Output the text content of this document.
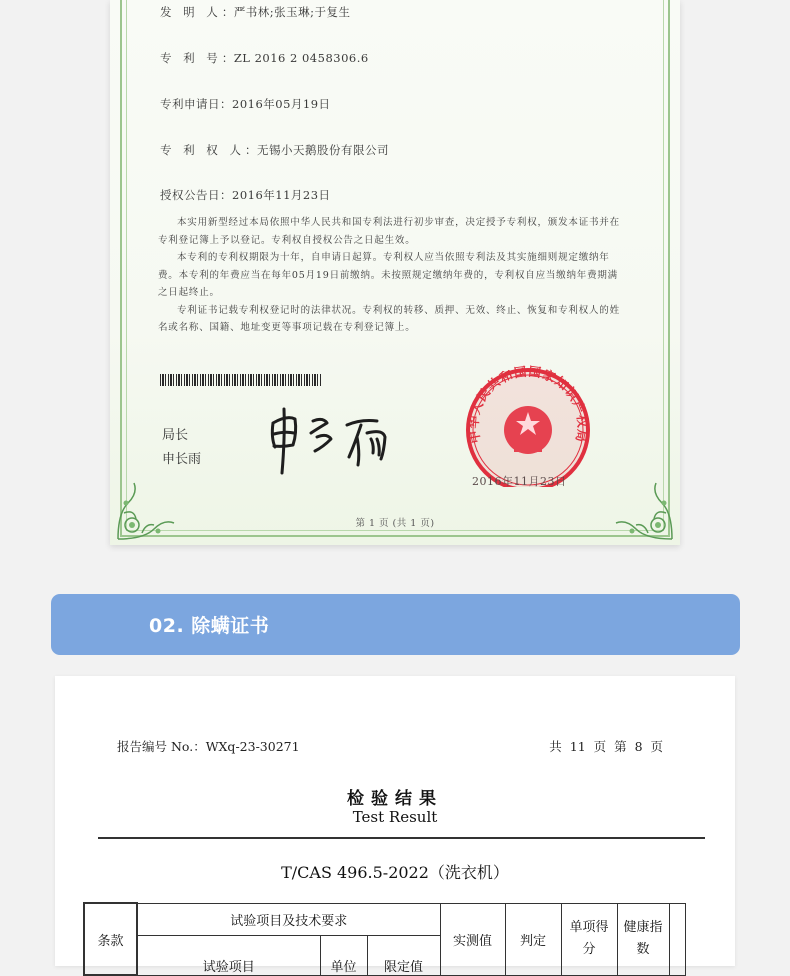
发 明 人：严书林;张玉琳;于复生
专 利 号：ZL 2016 2 0458306.6
专利申请日：2016年05月19日
专 利 权 人：无锡小天鹅股份有限公司
授权公告日：2016年11月23日

本实用新型经过本局依照中华人民共和国专利法进行初步审查，决定授予专利权，颁发本证书并在专利登记簿上予以登记。专利权自授权公告之日起生效。

本专利的专利权期限为十年，自申请日起算。专利权人应当依照专利法及其实施细则规定缴纳年费。本专利的年费应当在每年05月19日前缴纳。未按照规定缴纳年费的，专利权自应当缴纳年费期满之日起终止。

专利证书记载专利权登记时的法律状况。专利权的转移、质押、无效、终止、恢复和专利权人的姓名或名称、国籍、地址变更等事项记载在专利登记簿上。

局长
申长雨
中华人民共和国国家知识产权局
2016年11月23日
第 1 页 (共 1 页)
02. 除螨证书
报告编号 No.：WXq-23-30271	共 11 页 第 8 页
检验结果
Test Result
T/CAS 496.5-2022（洗衣机）
条款	试验项目及技术要求			实测值	判定	单项得分	健康指数	
	试验项目	单位	限定值					
